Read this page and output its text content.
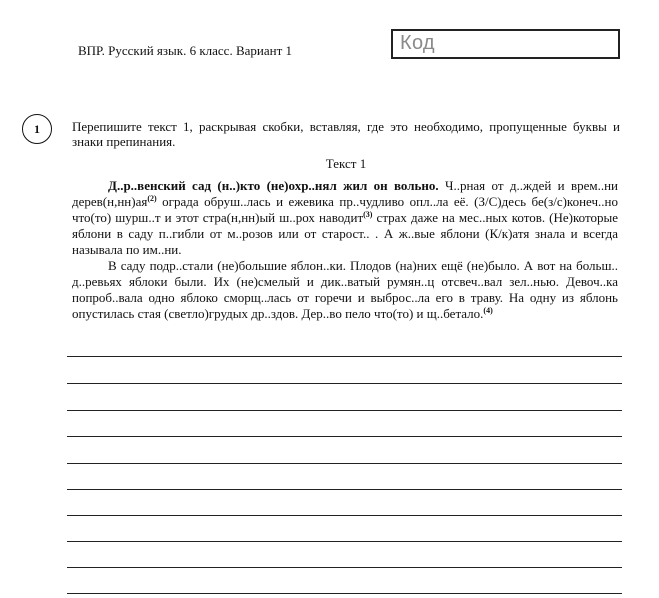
ВПР. Русский язык. 6 класс. Вариант 1	Код
1 Перепишите текст 1, раскрывая скобки, вставляя, где это необходимо, пропущенные буквы и знаки препинания.
Текст 1

Д..р..венский сад (н..)кто (не)охр..нял жил он вольно. Ч..рная от д..ждей и врем..ни $дерев(н,нн)ая^{(2)}$ ограда обруш..лась и ежевика пр..чудливо опл..ла её. (З/С)десь бе(з/с)конеч..но что(то) шурш..т и этот стра(н,нн)ый ш..рох наводит$^{(3)}$ страх даже на мес..ных котов. (Не)которые яблони в саду п..гибли от м..розов или от старост.. . А ж..вые яблони (К/к)атя знала и всегда называла по им..ни.

В саду подр..стали (не)большие яблон..ки. Плодов (на)них ещё (не)было. А вот на больш.. д..ревьях яблоки были. Их (не)смелый и дик..ватый румян..ц отсвеч..вал зел..нью. Девоч..ка попроб..вала одно яблоко сморщ..лась от горечи и выброс..ла его в траву. На одну из яблонь опустилась стая (светло)грудых др..здов. Дер..во пело что(то) и щ..бетало.$^{(4)}$
